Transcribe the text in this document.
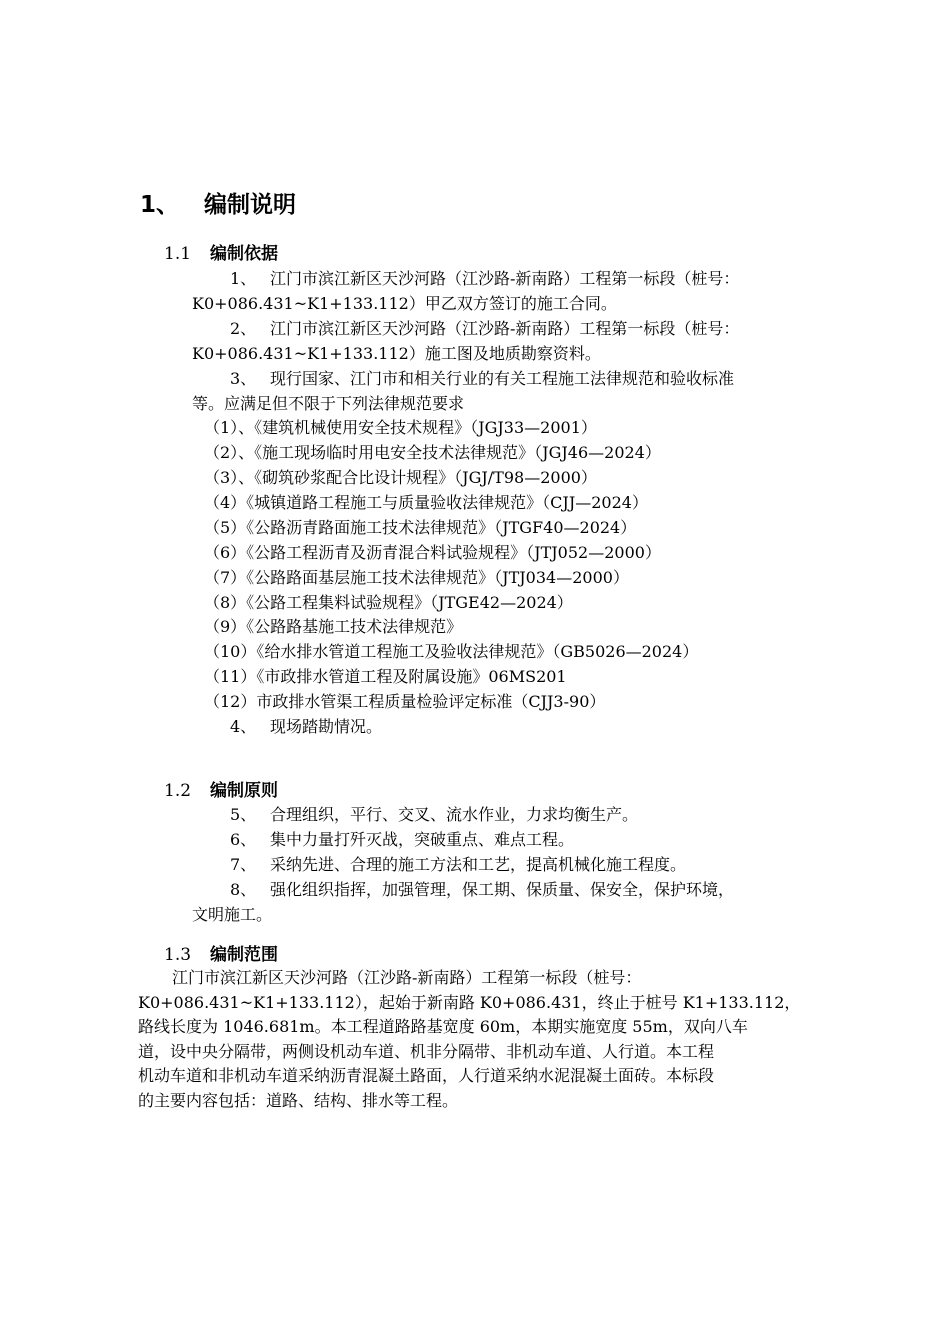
1、 编制说明
1.1 编制依据
1、 江门市滨江新区天沙河路（江沙路-新南路）工程第一标段（桩号：
K0+086.431~K1+133.112）甲乙双方签订的施工合同。
2、 江门市滨江新区天沙河路（江沙路-新南路）工程第一标段（桩号：
K0+086.431~K1+133.112）施工图及地质勘察资料。
3、 现行国家、江门市和相关行业的有关工程施工法律规范和验收标准
等。应满足但不限于下列法律规范要求
（1）、《建筑机械使用安全技术规程》（JGJ33—2001）
（2）、《施工现场临时用电安全技术法律规范》（JGJ46—2024）
（3）、《砌筑砂浆配合比设计规程》（JGJ/T98—2000）
（4）《城镇道路工程施工与质量验收法律规范》（CJJ—2024）
（5）《公路沥青路面施工技术法律规范》（JTGF40—2024）
（6）《公路工程沥青及沥青混合料试验规程》（JTJ052—2000）
（7）《公路路面基层施工技术法律规范》（JTJ034—2000）
（8）《公路工程集料试验规程》（JTGE42—2024）
（9）《公路路基施工技术法律规范》
（10）《给水排水管道工程施工及验收法律规范》（GB5026—2024）
（11）《市政排水管道工程及附属设施》06MS201
（12）市政排水管渠工程质量检验评定标准（CJJ3-90）
4、 现场踏勘情况。
1.2 编制原则
5、 合理组织，平行、交叉、流水作业，力求均衡生产。
6、 集中力量打歼灭战，突破重点、难点工程。
7、 采纳先进、合理的施工方法和工艺，提高机械化施工程度。
8、 强化组织指挥，加强管理，保工期、保质量、保安全，保护环境，
文明施工。
1.3 编制范围
江门市滨江新区天沙河路（江沙路-新南路）工程第一标段（桩号：
K0+086.431~K1+133.112），起始于新南路 K0+086.431，终止于桩号 K1+133.112，
路线长度为 1046.681m。本工程道路路基宽度 60m，本期实施宽度 55m，双向八车
道，设中央分隔带，两侧设机动车道、机非分隔带、非机动车道、人行道。本工程
机动车道和非机动车道采纳沥青混凝土路面，人行道采纳水泥混凝土面砖。本标段
的主要内容包括：道路、结构、排水等工程。
